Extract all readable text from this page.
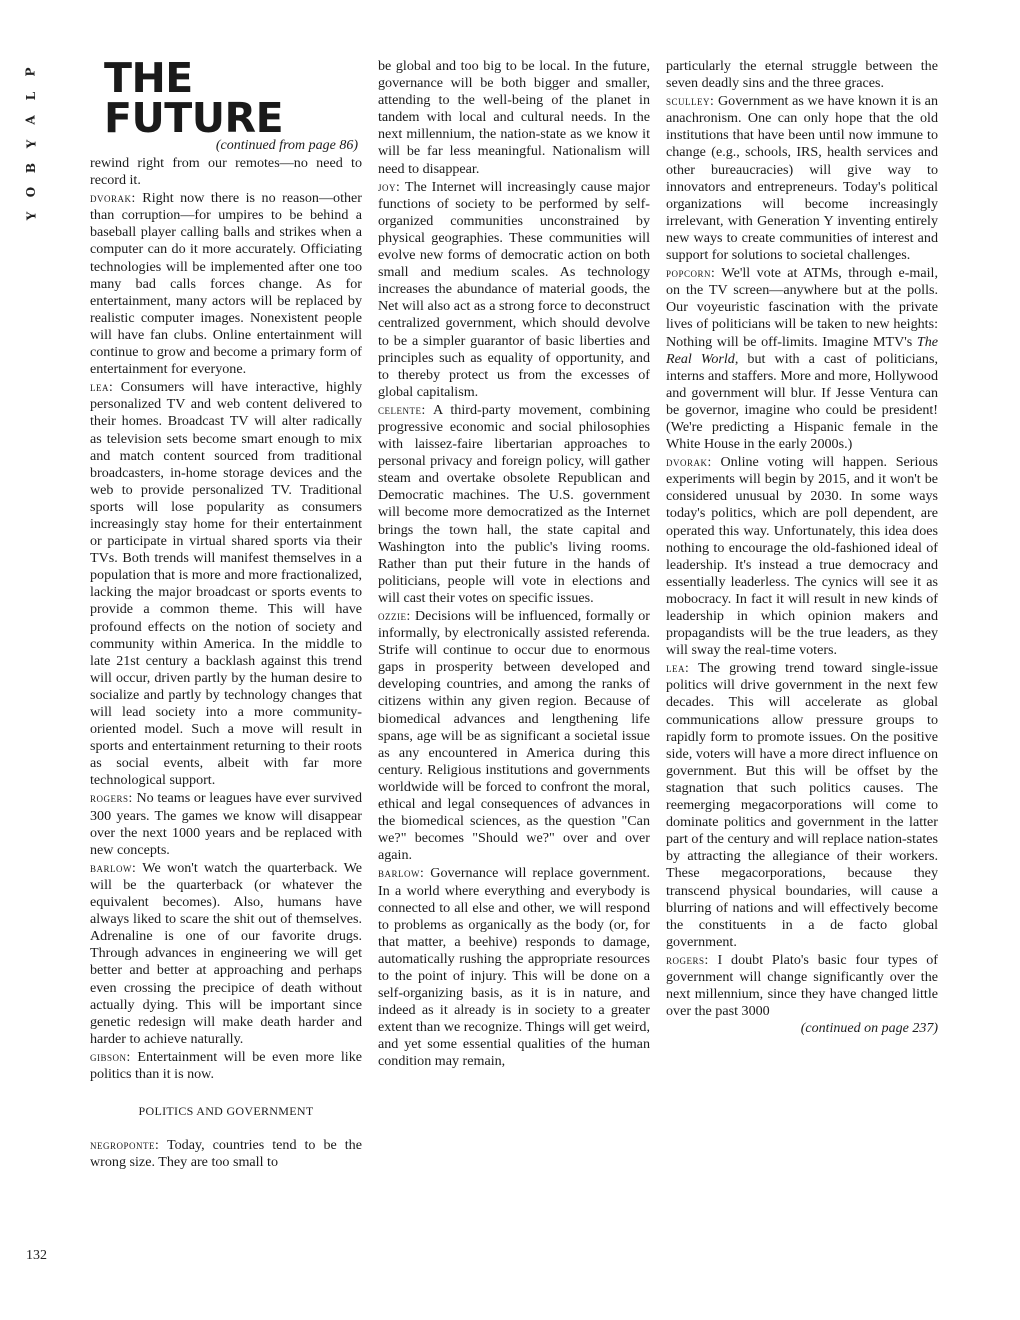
P
L
A
Y
B
O
Y
132
THE FUTURE
(continued from page 86)

rewind right from our remotes—no need to record it.

dvorak: Right now there is no reason—other than corruption—for umpires to be behind a baseball player calling balls and strikes when a computer can do it more accurately. Officiating technologies will be implemented after one too many bad calls forces change. As for entertainment, many actors will be replaced by realistic computer images. Nonexistent people will have fan clubs. Online entertainment will continue to grow and become a primary form of entertainment for everyone.

lea: Consumers will have interactive, highly personalized TV and web content delivered to their homes. Broadcast TV will alter radically as television sets become smart enough to mix and match content sourced from traditional broadcasters, in-home storage devices and the web to provide personalized TV. Traditional sports will lose popularity as consumers increasingly stay home for their entertainment or participate in virtual shared sports via their TVs. Both trends will manifest themselves in a population that is more and more fractionalized, lacking the major broadcast or sports events to provide a common theme. This will have profound effects on the notion of society and community within America. In the middle to late 21st century a backlash against this trend will occur, driven partly by the human desire to socialize and partly by technology changes that will lead society into a more community-oriented model. Such a move will result in sports and entertainment returning to their roots as social events, albeit with far more technological support.

rogers: No teams or leagues have ever survived 300 years. The games we know will disappear over the next 1000 years and be replaced with new concepts.

barlow: We won't watch the quarterback. We will be the quarterback (or whatever the equivalent becomes). Also, humans have always liked to scare the shit out of themselves. Adrenaline is one of our favorite drugs. Through advances in engineering we will get better and better at approaching and perhaps even crossing the precipice of death without actually dying. This will be important since genetic redesign will make death harder and harder to achieve naturally.

gibson: Entertainment will be even more like politics than it is now.

POLITICS AND GOVERNMENT

negroponte: Today, countries tend to be the wrong size. They are too small to

be global and too big to be local. In the future, governance will be both bigger and smaller, attending to the well-being of the planet in tandem with local and cultural needs. In the next millennium, the nation-state as we know it will be far less meaningful. Nationalism will need to disappear.

joy: The Internet will increasingly cause major functions of society to be performed by self-organized communities unconstrained by physical geographies. These communities will evolve new forms of democratic action on both small and medium scales. As technology increases the abundance of material goods, the Net will also act as a strong force to deconstruct centralized government, which should devolve to be a simpler guarantor of basic liberties and principles such as equality of opportunity, and to thereby protect us from the excesses of global capitalism.

celente: A third-party movement, combining progressive economic and social philosophies with laissez-faire libertarian approaches to personal privacy and foreign policy, will gather steam and overtake obsolete Republican and Democratic machines. The U.S. government will become more democratized as the Internet brings the town hall, the state capital and Washington into the public's living rooms. Rather than put their future in the hands of politicians, people will vote in elections and will cast their votes on specific issues.

ozzie: Decisions will be influenced, formally or informally, by electronically assisted referenda. Strife will continue to occur due to enormous gaps in prosperity between developed and developing countries, and among the ranks of citizens within any given region. Because of biomedical advances and lengthening life spans, age will be as significant a societal issue as any encountered in America during this century. Religious institutions and governments worldwide will be forced to confront the moral, ethical and legal consequences of advances in the biomedical sciences, as the question "Can we?" becomes "Should we?" over and over again.

barlow: Governance will replace government. In a world where everything and everybody is connected to all else and other, we will respond to problems as organically as the body (or, for that matter, a beehive) responds to damage, automatically rushing the appropriate resources to the point of injury. This will be done on a self-organizing basis, as it is in nature, and indeed as it already is in society to a greater extent than we recognize. Things will get weird, and yet some essential qualities of the human condition may remain,

particularly the eternal struggle between the seven deadly sins and the three graces.

sculley: Government as we have known it is an anachronism. One can only hope that the old institutions that have been until now immune to change (e.g., schools, IRS, health services and other bureaucracies) will give way to innovators and entrepreneurs. Today's political organizations will become increasingly irrelevant, with Generation Y inventing entirely new ways to create communities of interest and support for solutions to societal challenges.

popcorn: We'll vote at ATMs, through e-mail, on the TV screen—anywhere but at the polls. Our voyeuristic fascination with the private lives of politicians will be taken to new heights: Nothing will be off-limits. Imagine MTV's The Real World, but with a cast of politicians, interns and staffers. More and more, Hollywood and government will blur. If Jesse Ventura can be governor, imagine who could be president! (We're predicting a Hispanic female in the White House in the early 2000s.)

dvorak: Online voting will happen. Serious experiments will begin by 2015, and it won't be considered unusual by 2030. In some ways today's politics, which are poll dependent, are operated this way. Unfortunately, this idea does nothing to encourage the old-fashioned ideal of leadership. It's instead a true democracy and essentially leaderless. The cynics will see it as mobocracy. In fact it will result in new kinds of leadership in which opinion makers and propagandists will be the true leaders, as they will sway the real-time voters.

lea: The growing trend toward single-issue politics will drive government in the next few decades. This will accelerate as global communications allow pressure groups to rapidly form to promote issues. On the positive side, voters will have a more direct influence on government. But this will be offset by the stagnation that such politics causes. The reemerging megacorporations will come to dominate politics and government in the latter part of the century and will replace nation-states by attracting the allegiance of their workers. These megacorporations, because they transcend physical boundaries, will cause a blurring of nations and will effectively become the constituents in a de facto global government.

rogers: I doubt Plato's basic four types of government will change significantly over the next millennium, since they have changed little over the past 3000

(continued on page 237)
